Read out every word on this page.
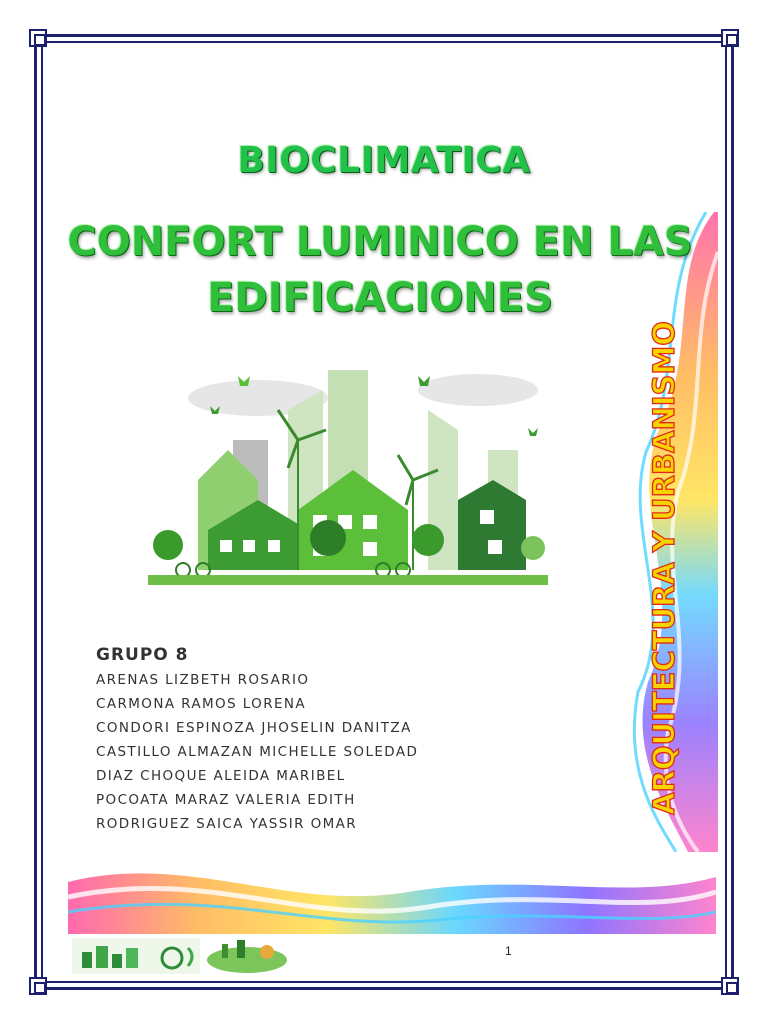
ARQUITECTURA Y URBANISMO
BIOCLIMATICA
CONFORT LUMINICO EN LAS EDIFICACIONES
GRUPO 8
ARENAS LIZBETH ROSARIO
CARMONA RAMOS LORENA
CONDORI ESPINOZA JHOSELIN DANITZA
CASTILLO ALMAZAN MICHELLE SOLEDAD
DIAZ CHOQUE ALEIDA MARIBEL
POCOATA MARAZ VALERIA EDITH
RODRIGUEZ SAICA YASSIR OMAR
1
